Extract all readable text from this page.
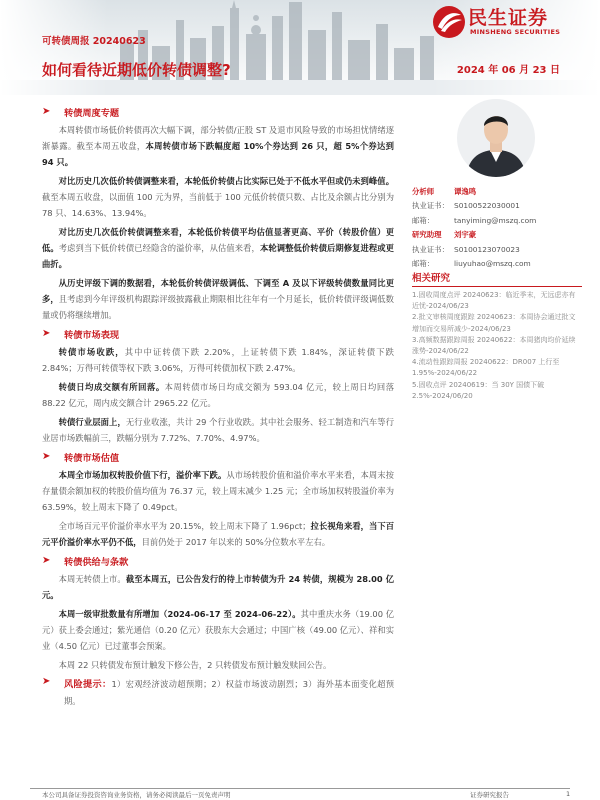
民生证券
MINSHENG SECURITIES
可转债周报 20240623
如何看待近期低价转债调整?	2024 年 06 月 23 日
➤	转债周度专题
本周转债市场低价转债再次大幅下调，部分转债/正股 ST 及退市风险导致的市场担忧情绪逐渐暴露。截至本周五收盘，本周转债市场下跌幅度超 10%个券达到 26 只，超 5%个券达到 94 只。
对比历史几次低价转债调整来看，本轮低价转债占比实际已处于不低水平但或仍未到峰值。截至本周五收盘，以面值 100 元为界，当前低于 100 元低价转债只数、占比及余额占比分别为 78 只、14.63%、13.94%。
对比历史几次低价转债调整来看，本轮低价转债平均估值显著更高、平价（转股价值）更低。考虑到当下低价转债已经隐含的溢价率，从估值来看，本轮调整低价转债后期修复进程或更曲折。
从历史评级下调的数据看，本轮低价转债评级调低、下调至 A 及以下评级转债数量同比更多，且考虑到今年评级机构跟踪评级披露截止期限相比往年有一个月延长，低价转债评级调低数量或仍将继续增加。
➤	转债市场表现
转债市场收跌，其中中证转债下跌 2.20%，上证转债下跌 1.84%，深证转债下跌 2.84%；万得可转债等权下跌 3.06%，万得可转债加权下跌 2.47%。
转债日均成交额有所回落。本周转债市场日均成交额为 593.04 亿元，较上周日均回落 88.22 亿元，周内成交额合计 2965.22 亿元。
转债行业层面上，无行业收涨，共计 29 个行业收跌。其中社会服务、轻工制造和汽车等行业居市场跌幅前三，跌幅分别为 7.72%、7.70%、4.97%。
➤	转债市场估值
本周全市场加权转股价值下行，溢价率下跌。从市场转股价值和溢价率水平来看，本周末按存量债余额加权的转股价值均值为 76.37 元，较上周末减少 1.25 元；全市场加权转股溢价率为 63.59%，较上周末下降了 0.49pct。
全市场百元平价溢价率水平为 20.15%，较上周末下降了 1.96pct；拉长视角来看，当下百元平价溢价率水平仍不低，目前仍处于 2017 年以来的 50%分位数水平左右。
➤	转债供给与条款
本周无转债上市。截至本周五，已公告发行的待上市转债为升 24 转债，规模为 28.00 亿元。
本周一级审批数量有所增加（2024-06-17 至 2024-06-22）。其中重庆水务（19.00 亿元）获上委会通过；紫光通信（0.20 亿元）获股东大会通过；中国广核（49.00 亿元）、祥和实业（4.50 亿元）已过董事会预案。
本周 22 只转债发布预计触发下修公告，2 只转债发布预计触发赎回公告。
➤	风险提示：1）宏观经济波动超预期；2）权益市场波动剧烈；3）海外基本面变化超预期。
分析师	谭逸鸣
执业证书： S0100522030001
邮箱：	tanyiming@mszq.com
研究助理	刘宇豪
执业证书： S0100123070023
邮箱：	liuyuhao@mszq.com
相关研究
1.固收周度点评 20240623：临近季末，无远虑亦有近忧-2024/06/23
2.批文审核周度跟踪 20240623：本周协会通过批文增加而交易所减少-2024/06/23
3.高频数据跟踪周报 20240622：本周猪肉均价延续涨势-2024/06/22
4.流动性跟踪周报 20240622：DR007 上行至 1.95%-2024/06/22
5.固收点评 20240619：当 30Y 国债下破 2.5%-2024/06/20
本公司具备证券投资咨询业务资格，请务必阅读最后一页免责声明	证券研究报告	1
